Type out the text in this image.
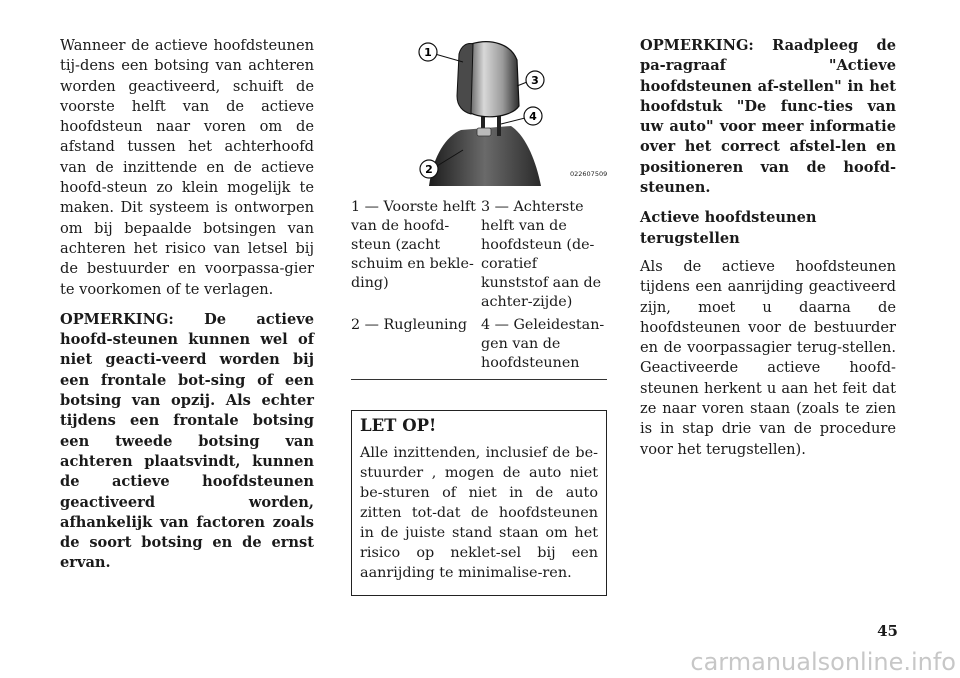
Wanneer de actieve hoofdsteunen tij-dens een botsing van achteren worden geactiveerd, schuift de voorste helft van de actieve hoofdsteun naar voren om de afstand tussen het achterhoofd van de inzittende en de actieve hoofd-steun zo klein mogelijk te maken. Dit systeem is ontworpen om bij bepaalde botsingen van achteren het risico van letsel bij de bestuurder en voorpassa-gier te voorkomen of te verlagen.

OPMERKING: De actieve hoofd-steunen kunnen wel of niet geacti-veerd worden bij een frontale bot-sing of een botsing van opzij. Als echter tijdens een frontale botsing een tweede botsing van achteren plaatsvindt, kunnen de actieve hoofdsteunen geactiveerd worden, afhankelijk van factoren zoals de soort botsing en de ernst ervan.

1
2
3
4
022607509
1 — Voorste helft van de hoofd-steun (zacht schuim en bekle-ding)
3 — Achterste helft van de hoofdsteun (de-coratief kunststof aan de achter-zijde)
2 — Rugleuning 4 — Geleidestan-gen van de hoofdsteunen
LET OP!

Alle inzittenden, inclusief de be-stuurder , mogen de auto niet be-sturen of niet in de auto zitten tot-dat de hoofdsteunen in de juiste stand staan om het risico op neklet-sel bij een aanrijding te minimalise-ren.

OPMERKING: Raadpleeg de pa-ragraaf "Actieve hoofdsteunen af-stellen" in het hoofdstuk "De func-ties van uw auto" voor meer informatie over het correct afstel-len en positioneren van de hoofd-steunen.

Actieve hoofdsteunen terugstellen

Als de actieve hoofdsteunen tijdens een aanrijding geactiveerd zijn, moet u daarna de hoofdsteunen voor de bestuurder en de voorpassagier terug-stellen. Geactiveerde actieve hoofd-steunen herkent u aan het feit dat ze naar voren staan (zoals te zien is in stap drie van de procedure voor het terugstellen).

45
carmanualsonline.info
